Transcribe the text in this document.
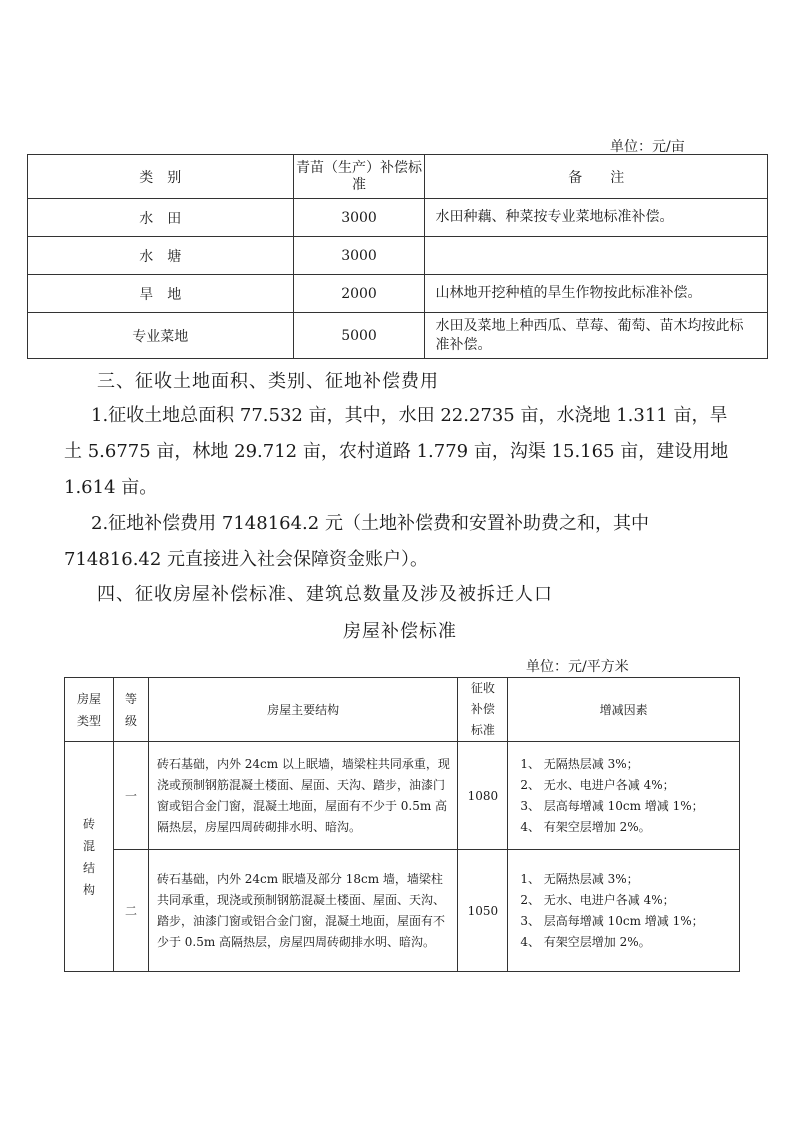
单位：元/亩
类　别	青苗（生产）补偿标准	备　　注
水　田	3000	水田种藕、种菜按专业菜地标准补偿。
水　塘	3000	
旱　地	2000	山林地开挖种植的旱生作物按此标准补偿。
专业菜地	5000	水田及菜地上种西瓜、草莓、葡萄、苗木均按此标准补偿。
三、征收土地面积、类别、征地补偿费用
1.征收土地总面积 77.532 亩，其中，水田 22.2735 亩，水浇地 1.311 亩，旱土 5.6775 亩，林地 29.712 亩，农村道路 1.779 亩，沟渠 15.165 亩，建设用地 1.614 亩。
2.征地补偿费用 7148164.2 元（土地补偿费和安置补助费之和，其中 714816.42 元直接进入社会保障资金账户）。
四、征收房屋补偿标准、建筑总数量及涉及被拆迁人口
房屋补偿标准
单位：元/平方米
房屋类型	等级	房屋主要结构	征收补偿标准	增减因素

砖混结构	一	砖石基础，内外 24cm 以上眠墙，墙梁柱共同承重，现浇或预制钢筋混凝土楼面、屋面、天沟、踏步，油漆门窗或铝合金门窗，混凝土地面，屋面有不少于 0.5m 高隔热层，房屋四周砖砌排水明、暗沟。	1080	1、 无隔热层减 3%；
2、 无水、电进户各减 4%；
3、 层高每增减 10cm 增减 1%；
4、 有架空层增加 2%。

	二	砖石基础，内外 24cm 眠墙及部分 18cm 墙，墙梁柱共同承重，现浇或预制钢筋混凝土楼面、屋面、天沟、踏步，油漆门窗或铝合金门窗，混凝土地面，屋面有不少于 0.5m 高隔热层，房屋四周砖砌排水明、暗沟。	1050	1、 无隔热层减 3%；
2、 无水、电进户各减 4%；
3、 层高每增减 10cm 增减 1%；
4、 有架空层增加 2%。
